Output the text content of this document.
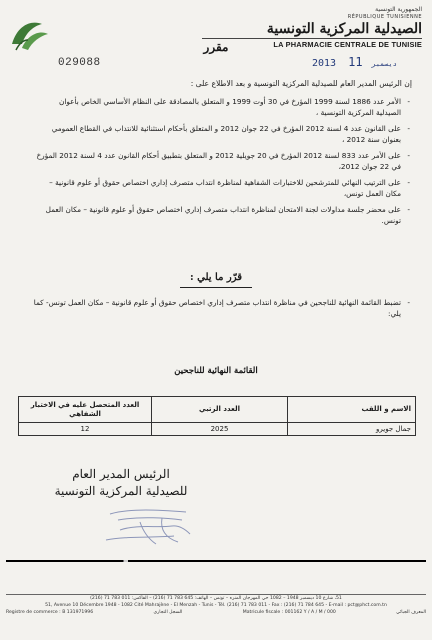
الجمهورية التونسية
RÉPUBLIQUE TUNISIENNE
الصيدلية المركزية التونسية
LA PHARMACIE CENTRALE DE TUNISIE
مقرر
029088	2013	ديسمبر 11

إن الرئيس المدير العام للصيدلية المركزية التونسية و بعد الاطلاع على :

- الأمر عدد 1886 لسنة 1999 المؤرخ في 30 أوت 1999 و المتعلق بالمصادقة على النظام الأساسي الخاص بأعوان الصيدلية المركزية التونسية ،
- على القانون عدد 4 لسنة 2012 المؤرخ في 22 جوان 2012 و المتعلق بأحكام استثنائية للانتداب في القطاع العمومي بعنوان سنة 2012 ،
- على الأمر عدد 833 لسنة 2012 المؤرخ في 20 جويلية 2012 و المتعلق بتطبيق أحكام القانون عدد 4 لسنة 2012 المؤرخ في 22 جوان 2012،
- على الترتيب النهائي للمترشحين للاختبارات الشفاهية لمناظرة انتداب متصرف إداري اختصاص حقوق أو علوم قانونية – مكان العمل تونس،
- على محضر جلسة مداولات لجنة الامتحان لمناظرة انتداب متصرف إداري اختصاص حقوق أو علوم قانونية – مكان العمل تونس.
قرّر ما يلي :

- تضبط القائمة النهائية للناجحين في مناظرة انتداب متصرف إداري اختصاص حقوق أو علوم قانونية – مكان العمل تونس- كما يلي:

القائمة النهائية للناجحين
الاسم و اللقب	العدد الرتبي	العدد المتحصل عليه في الاختبار الشفاهي
جمال جويرو	2025	12
الرئيس المدير العام
للصيدلية المركزية التونسية
51، شارع 10 ديسمبر 1948 – 1082 حي المهرجان المنزه – تونس – الهاتف: 645 783 71 (216) – الفاكس: 011 783 71 (216)
51, Avenue 10 Décembre 1948 - 1082 Cité Mahrajène - El Menzah - Tunis - Tél. (216) 71 783 011 - Fax : (216) 71 784 645 - E-mail : pct@phct.com.tn
Registre de commerce : B 131971996	السجل التجاري	Matricule fiscale : 001162 Y / A / M / 000	المعرف الجبائي
